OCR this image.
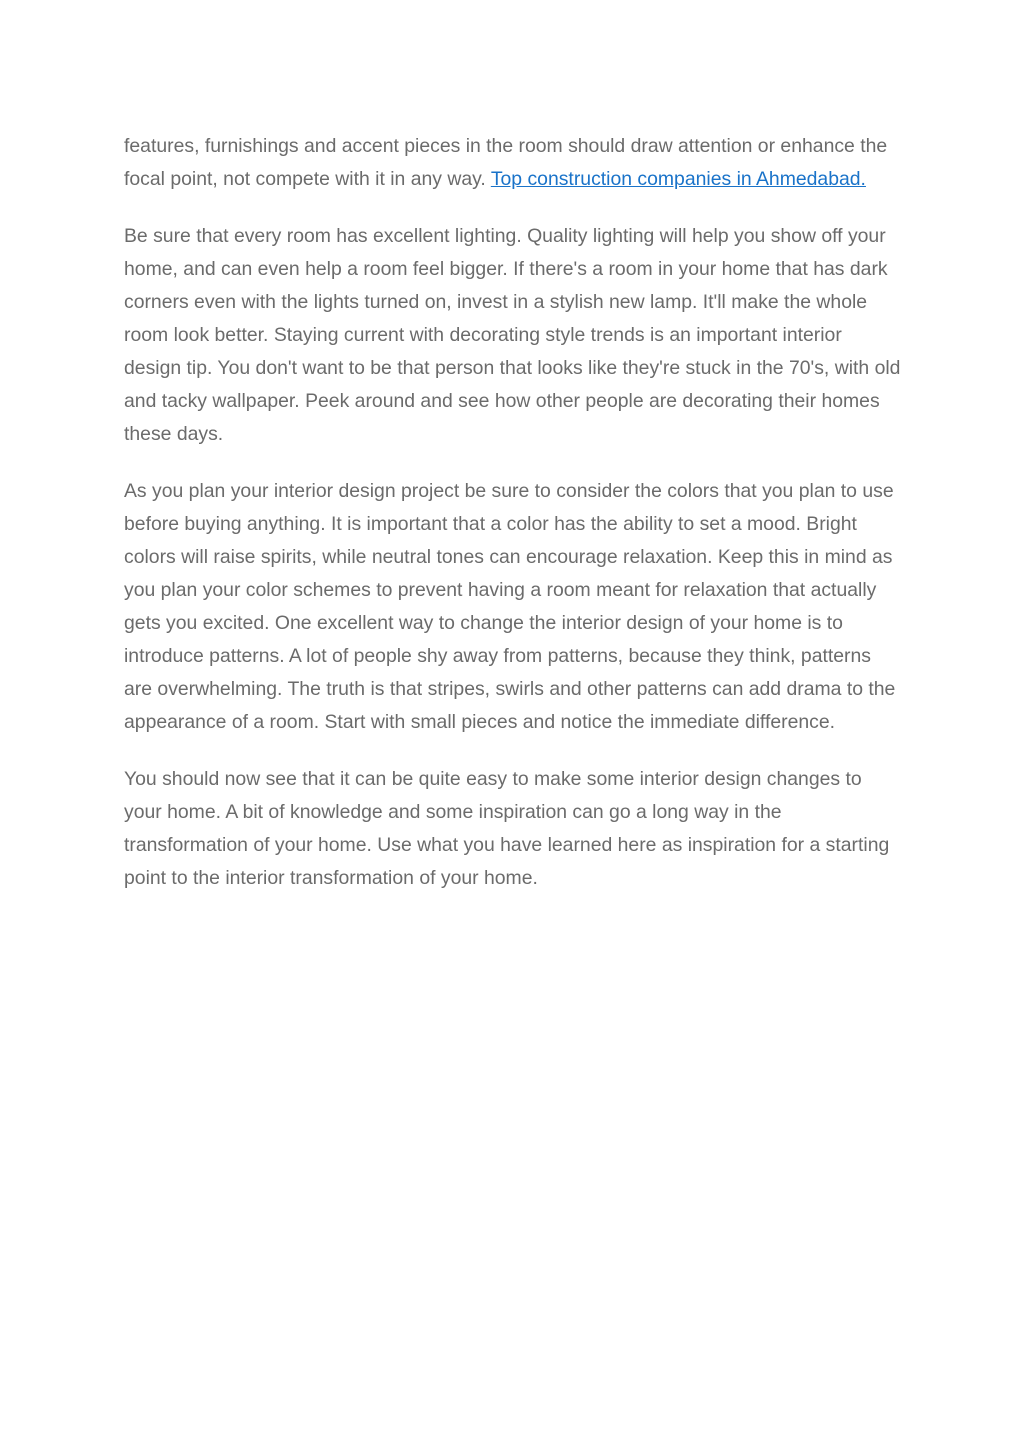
features, furnishings and accent pieces in the room should draw attention or enhance the focal point, not compete with it in any way. Top construction companies in Ahmedabad.

Be sure that every room has excellent lighting. Quality lighting will help you show off your home, and can even help a room feel bigger. If there's a room in your home that has dark corners even with the lights turned on, invest in a stylish new lamp. It'll make the whole room look better. Staying current with decorating style trends is an important interior design tip. You don't want to be that person that looks like they're stuck in the 70's, with old and tacky wallpaper. Peek around and see how other people are decorating their homes these days.

As you plan your interior design project be sure to consider the colors that you plan to use before buying anything. It is important that a color has the ability to set a mood. Bright colors will raise spirits, while neutral tones can encourage relaxation. Keep this in mind as you plan your color schemes to prevent having a room meant for relaxation that actually gets you excited. One excellent way to change the interior design of your home is to introduce patterns. A lot of people shy away from patterns, because they think, patterns are overwhelming. The truth is that stripes, swirls and other patterns can add drama to the appearance of a room. Start with small pieces and notice the immediate difference.

You should now see that it can be quite easy to make some interior design changes to your home. A bit of knowledge and some inspiration can go a long way in the transformation of your home. Use what you have learned here as inspiration for a starting point to the interior transformation of your home.
